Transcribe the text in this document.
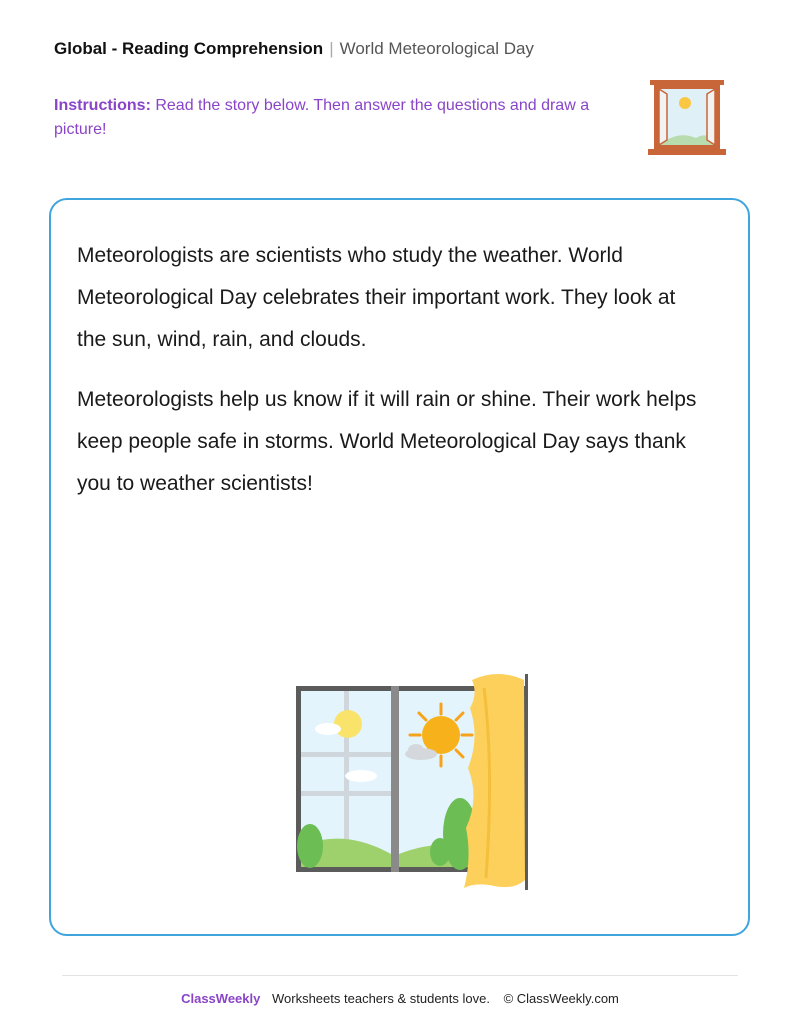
Global - Reading Comprehension | World Meteorological Day
Instructions: Read the story below. Then answer the questions and draw a picture!

Meteorologists are scientists who study the weather. World Meteorological Day celebrates their important work. They look at the sun, wind, rain, and clouds.

Meteorologists help us know if it will rain or shine. Their work helps keep people safe in storms. World Meteorological Day says thank you to weather scientists!

ClassWeekly Worksheets teachers & students love. © ClassWeekly.com
